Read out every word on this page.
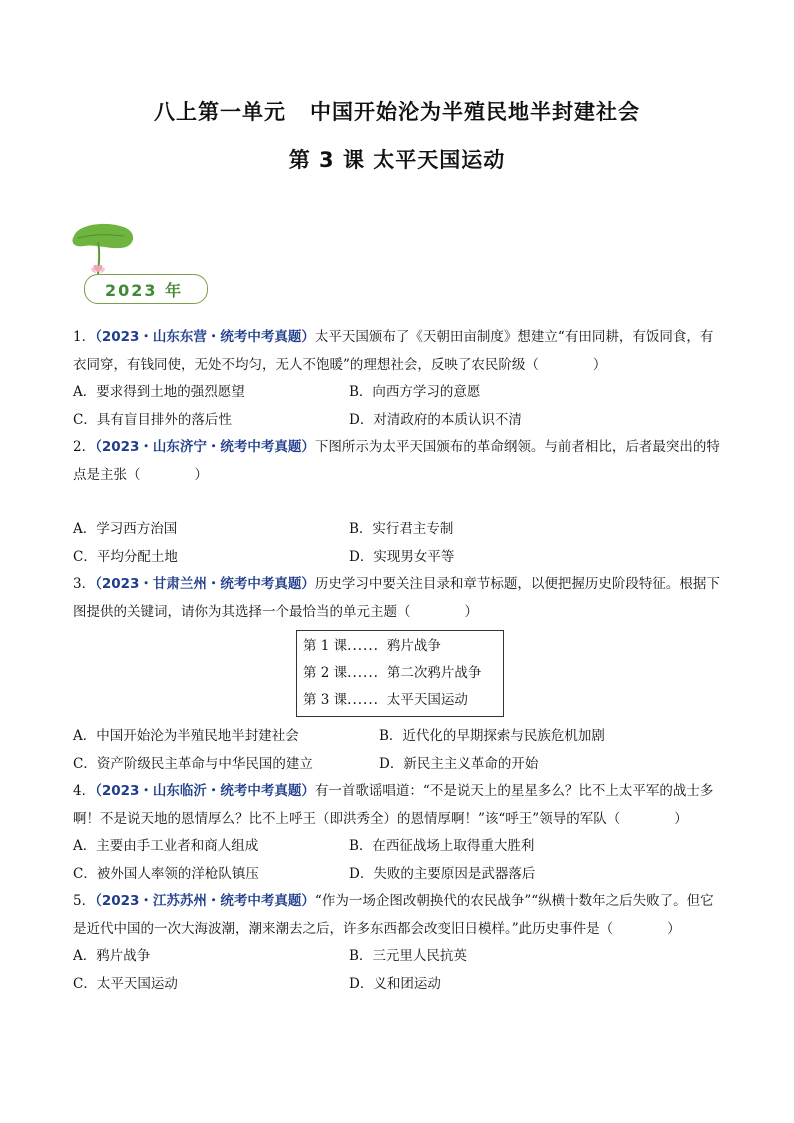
八上第一单元 中国开始沦为半殖民地半封建社会
第 3 课 太平天国运动
2023 年
1．（2023・山东东营・统考中考真题）太平天国颁布了《天朝田亩制度》想建立“有田同耕，有饭同食，有衣同穿，有钱同使，无处不均匀，无人不饱暖”的理想社会，反映了农民阶级（　　　　）
A．要求得到土地的强烈愿望	B．向西方学习的意愿
C．具有盲目排外的落后性	D．对清政府的本质认识不清
2．（2023・山东济宁・统考中考真题）下图所示为太平天国颁布的革命纲领。与前者相比，后者最突出的特点是主张（　　　　）
A．学习西方治国	B．实行君主专制
C．平均分配土地	D．实现男女平等
3．（2023・甘肃兰州・统考中考真题）历史学习中要关注目录和章节标题，以便把握历史阶段特征。根据下图提供的关键词，请你为其选择一个最恰当的单元主题（　　　　）
第 1 课...... 鸦片战争
第 2 课...... 第二次鸦片战争
第 3 课...... 太平天国运动
A．中国开始沦为半殖民地半封建社会	B．近代化的早期探索与民族危机加剧
C．资产阶级民主革命与中华民国的建立	D．新民主主义革命的开始
4．（2023・山东临沂・统考中考真题）有一首歌谣唱道：“不是说天上的星星多么？比不上太平军的战士多啊！不是说天地的恩情厚么？比不上呼王（即洪秀全）的恩情厚啊！”该“呼王”领导的军队（　　　　）
A．主要由手工业者和商人组成	B．在西征战场上取得重大胜利
C．被外国人率领的洋枪队镇压	D．失败的主要原因是武器落后
5．（2023・江苏苏州・统考中考真题）“作为一场企图改朝换代的农民战争”“纵横十数年之后失败了。但它是近代中国的一次大海波潮，潮来潮去之后，许多东西都会改变旧日模样。”此历史事件是（　　　　）
A．鸦片战争	B．三元里人民抗英
C．太平天国运动	D．义和团运动
